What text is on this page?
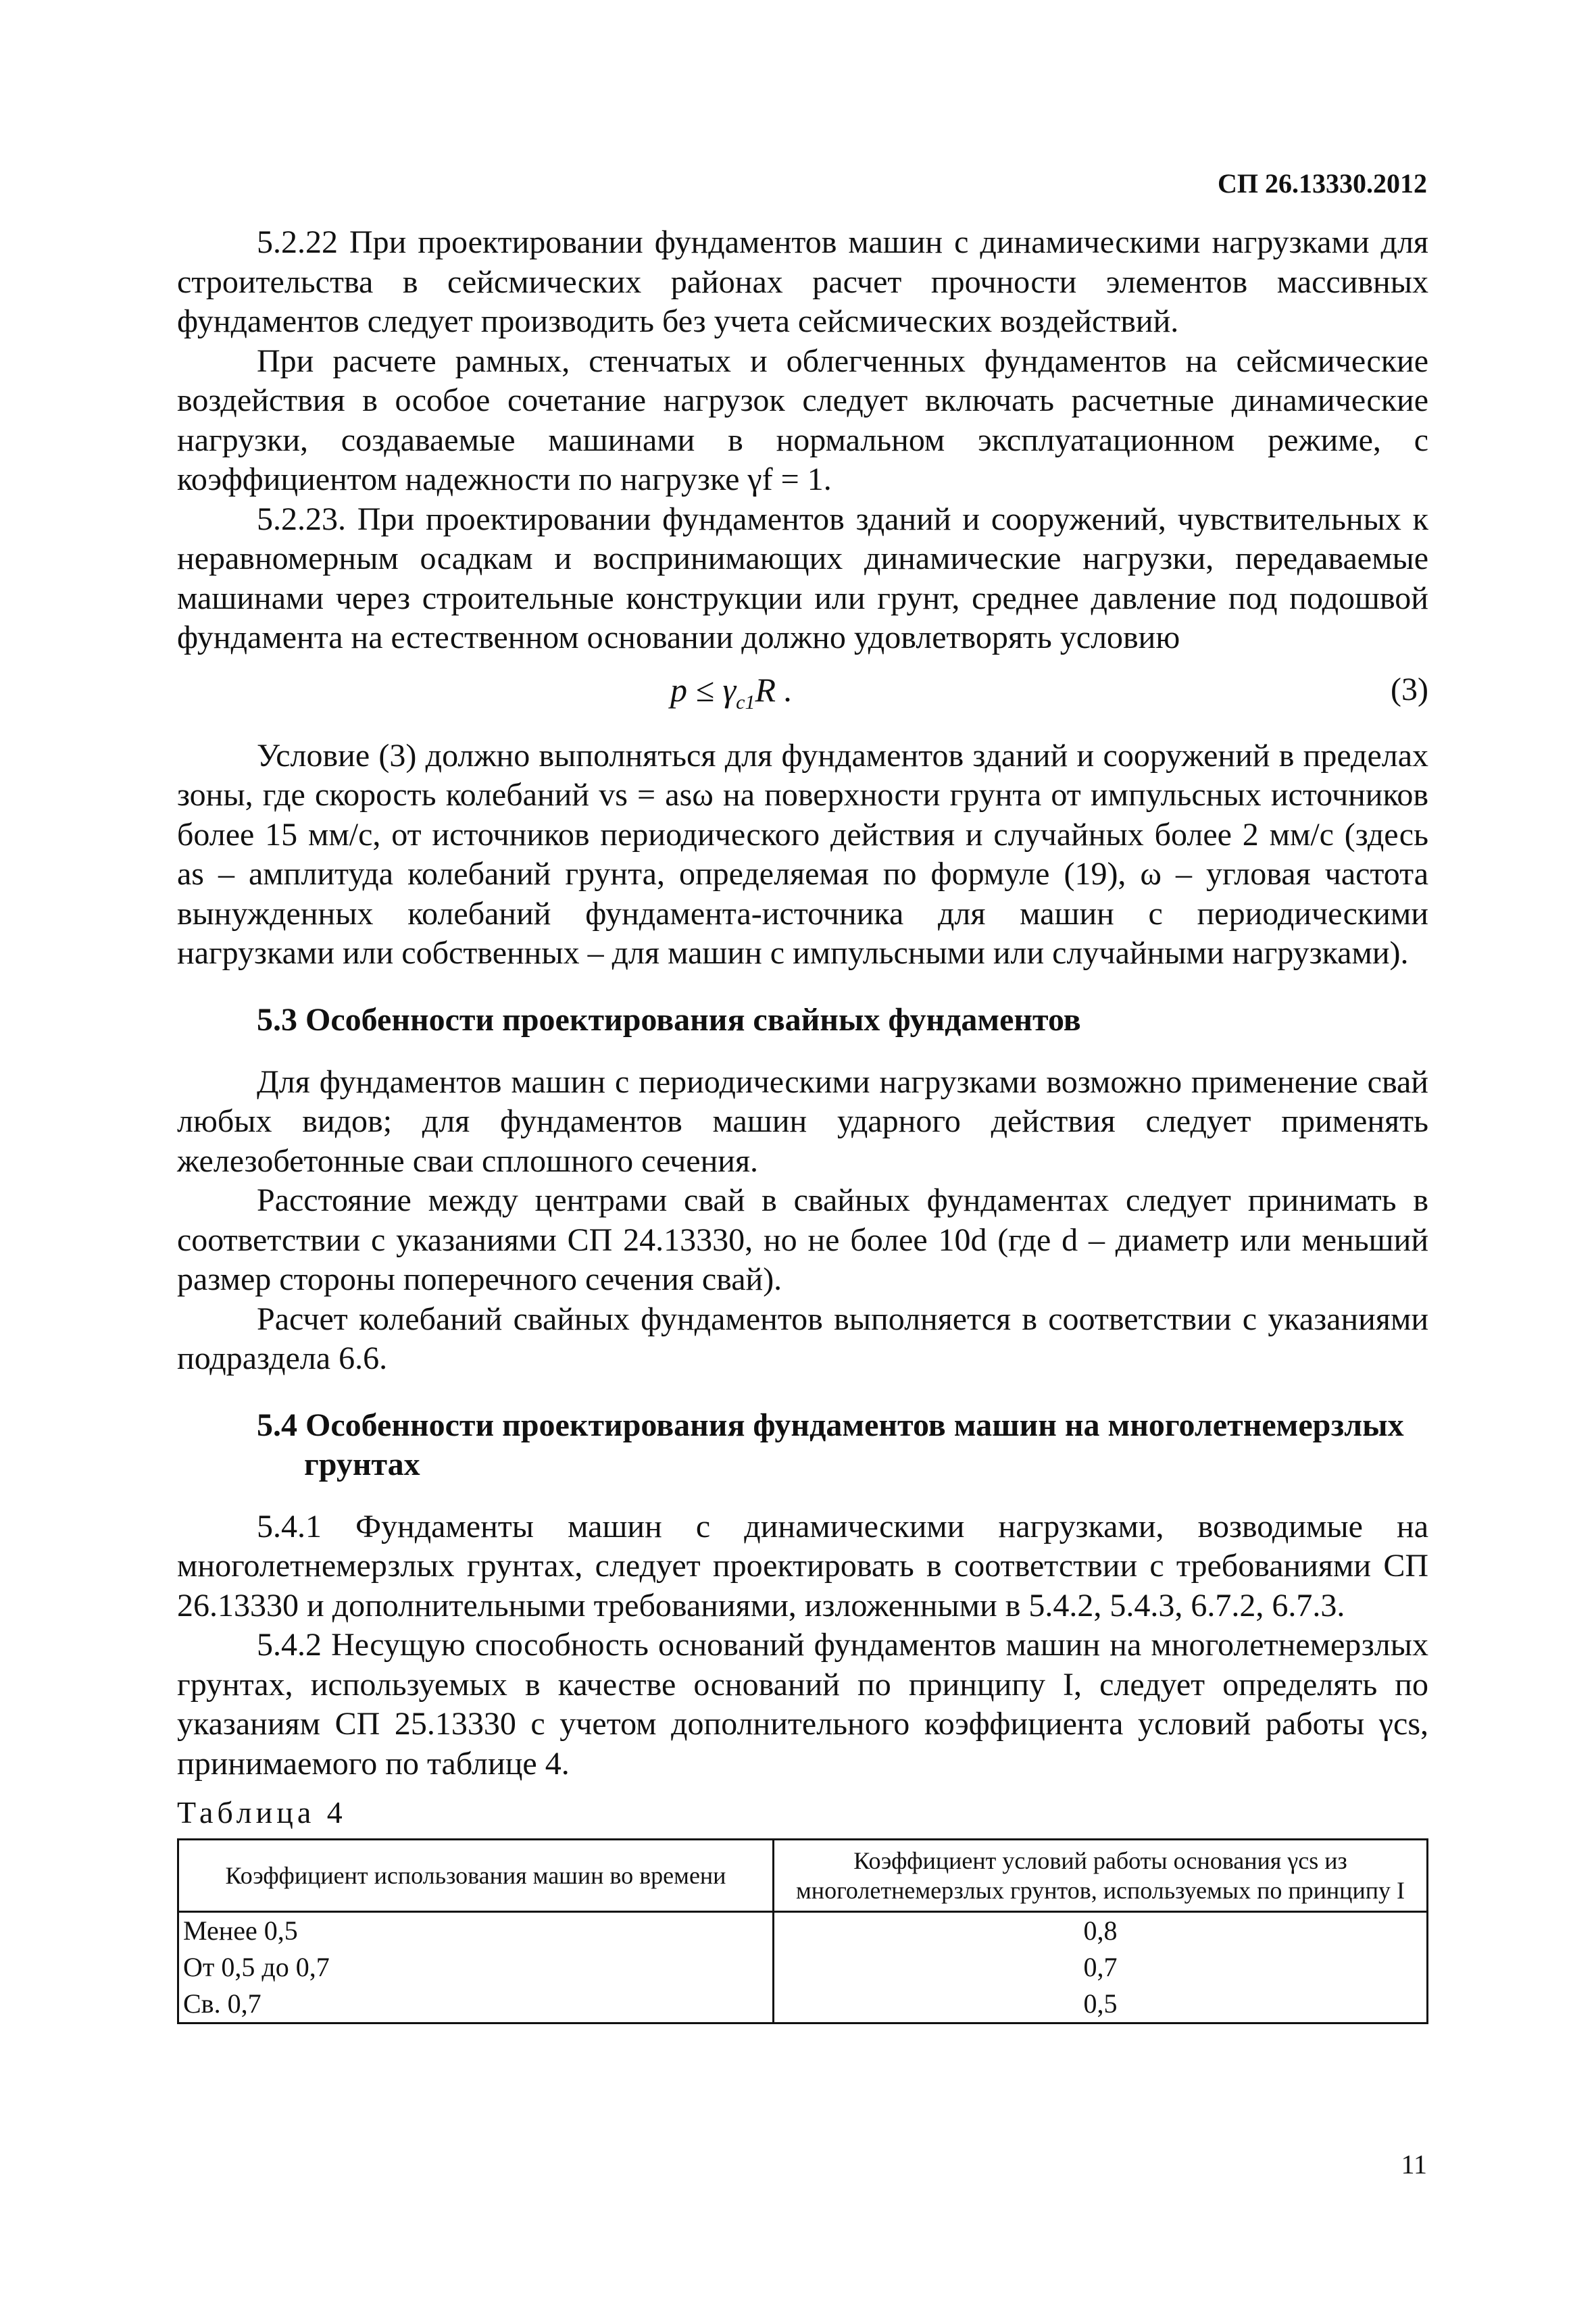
СП 26.13330.2012

5.2.22 При проектировании фундаментов машин с динамическими нагрузками для строительства в сейсмических районах расчет прочности элементов массивных фундаментов следует производить без учета сейсмических воздействий.

При расчете рамных, стенчатых и облегченных фундаментов на сейсмические воздействия в особое сочетание нагрузок следует включать расчетные динамические нагрузки, создаваемые машинами в нормальном эксплуатационном режиме, с коэффициентом надежности по нагрузке γf = 1.

5.2.23. При проектировании фундаментов зданий и сооружений, чувствительных к неравномерным осадкам и воспринимающих динамические нагрузки, передаваемые машинами через строительные конструкции или грунт, среднее давление под подошвой фундамента на естественном основании должно удовлетворять условию

$p \le \gamma_{c1}R$ .	(3)

Условие (3) должно выполняться для фундаментов зданий и сооружений в пределах зоны, где скорость колебаний vs = asω на поверхности грунта от импульсных источников более 15 мм/с, от источников периодического действия и случайных более 2 мм/с (здесь as – амплитуда колебаний грунта, определяемая по формуле (19), ω – угловая частота вынужденных колебаний фундамента-источника для машин с периодическими нагрузками или собственных – для машин с импульсными или случайными нагрузками).

5.3 Особенности проектирования свайных фундаментов

Для фундаментов машин с периодическими нагрузками возможно применение свай любых видов; для фундаментов машин ударного действия следует применять железобетонные сваи сплошного сечения.

Расстояние между центрами свай в свайных фундаментах следует принимать в соответствии с указаниями СП 24.13330, но не более 10d (где d – диаметр или меньший размер стороны поперечного сечения свай).

Расчет колебаний свайных фундаментов выполняется в соответствии с указаниями подраздела 6.6.

5.4 Особенности проектирования фундаментов машин на многолетнемерзлых
грунтах

5.4.1 Фундаменты машин с динамическими нагрузками, возводимые на многолетнемерзлых грунтах, следует проектировать в соответствии с требованиями СП 26.13330 и дополнительными требованиями, изложенными в 5.4.2, 5.4.3, 6.7.2, 6.7.3.

5.4.2 Несущую способность оснований фундаментов машин на многолетнемерзлых грунтах, используемых в качестве оснований по принципу I, следует определять по указаниям СП 25.13330 с учетом дополнительного коэффициента условий работы γcs, принимаемого по таблице 4.

Таблица 4
Коэффициент использования машин во времени	Коэффициент условий работы основания γcs из многолетнемерзлых грунтов, используемых по принципу I
Менее 0,5	0,8
От 0,5 до 0,7	0,7
Св. 0,7	0,5
11
